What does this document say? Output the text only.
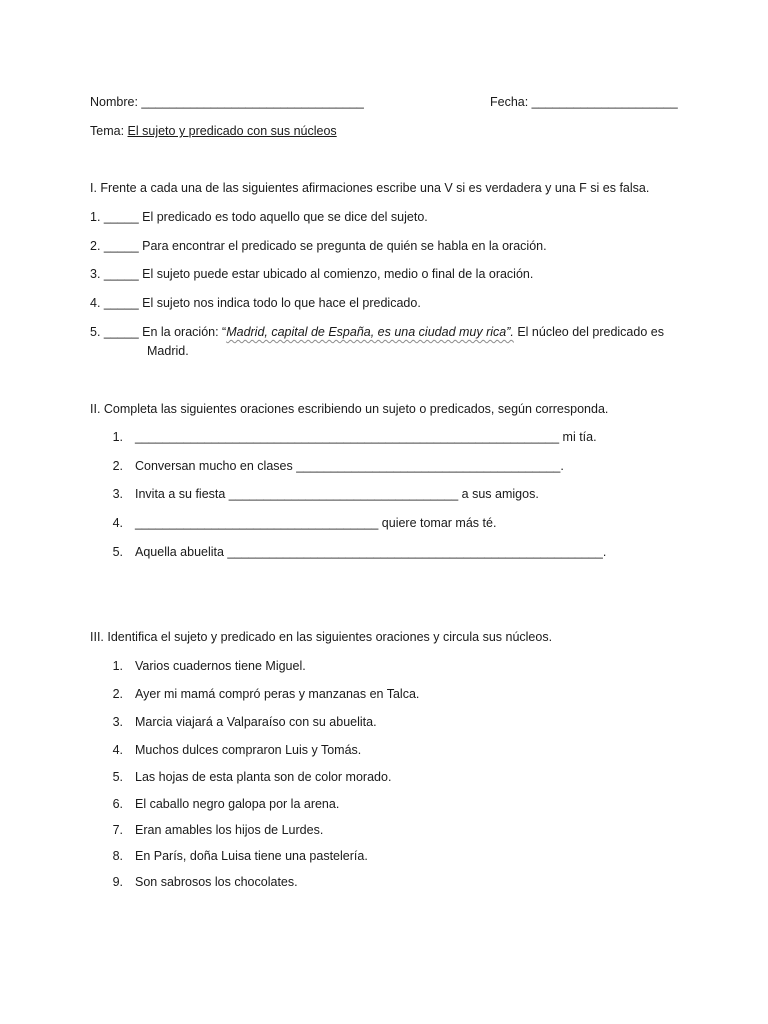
Nombre: ________________________________	Fecha: _____________________
Tema: El sujeto y predicado con sus núcleos
I. Frente a cada una de las siguientes afirmaciones escribe una V si es verdadera y una F si es falsa.
1. _____ El predicado es todo aquello que se dice del sujeto.
2. _____ Para encontrar el predicado se pregunta de quién se habla en la oración.
3. _____ El sujeto puede estar ubicado al comienzo, medio o final de la oración.
4. _____ El sujeto nos indica todo lo que hace el predicado.
5. _____ En la oración: “Madrid, capital de España, es una ciudad muy rica”. El núcleo del predicado es
Madrid.
II. Completa las siguientes oraciones escribiendo un sujeto o predicados, según corresponda.
1. _____________________________________________________________ mi tía.
2. Conversan mucho en clases ______________________________________.
3. Invita a su fiesta _________________________________ a sus amigos.
4. ___________________________________ quiere tomar más té.
5. Aquella abuelita ______________________________________________________.
III. Identifica el sujeto y predicado en las siguientes oraciones y circula sus núcleos.
1. Varios cuadernos tiene Miguel.
2. Ayer mi mamá compró peras y manzanas en Talca.
3. Marcia viajará a Valparaíso con su abuelita.
4. Muchos dulces compraron Luis y Tomás.
5. Las hojas de esta planta son de color morado.
6. El caballo negro galopa por la arena.
7. Eran amables los hijos de Lurdes.
8. En París, doña Luisa tiene una pastelería.
9. Son sabrosos los chocolates.
